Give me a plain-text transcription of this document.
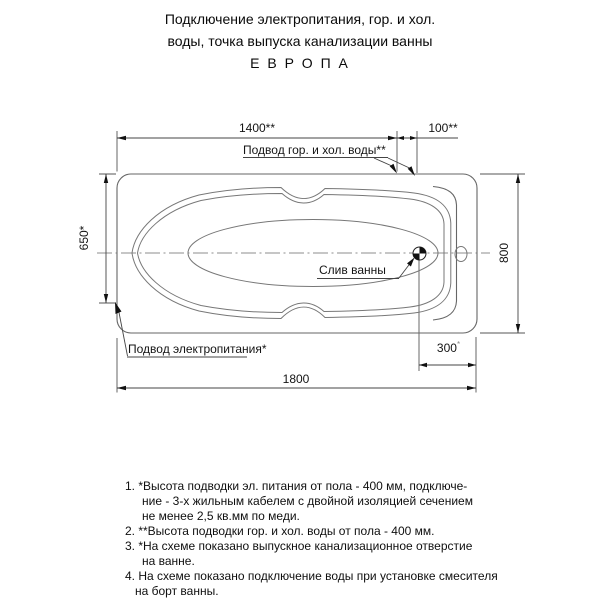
Подключение электропитания, гор. и хол.
воды, точка выпуска канализации ванны
Е В Р О П А
1400**	100**
Подвод гор. и хол. воды**
650*
800
Слив ванны
Подвод электропитания*	300*
1800
1. *Высота подводки эл. питания от пола - 400 мм, подключе-
ние - 3-х жильным кабелем с двойной изоляцией сечением
не менее 2,5 кв.мм по меди.
2. **Высота подводки гор. и хол. воды от пола - 400 мм.
3. *На схеме показано выпускное канализационное отверстие
на ванне.
4. На схеме показано подключение воды при установке смесителя
на борт ванны.
